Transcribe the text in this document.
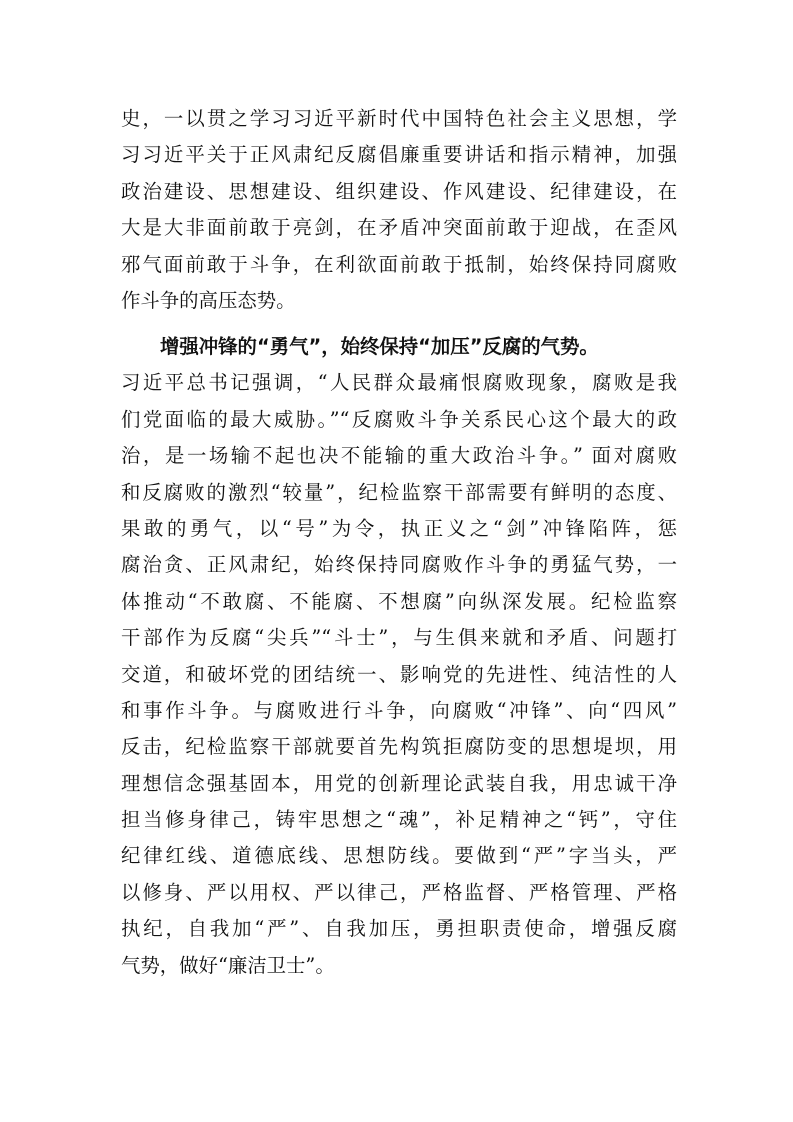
史，一以贯之学习习近平新时代中国特色社会主义思想，学
习习近平关于正风肃纪反腐倡廉重要讲话和指示精神，加强
政治建设、思想建设、组织建设、作风建设、纪律建设，在
大是大非面前敢于亮剑，在矛盾冲突面前敢于迎战，在歪风
邪气面前敢于斗争，在利欲面前敢于抵制，始终保持同腐败
作斗争的高压态势。
增强冲锋的“勇气”，始终保持“加压”反腐的气势。
习近平总书记强调，“人民群众最痛恨腐败现象，腐败是我
们党面临的最大威胁。”“反腐败斗争关系民心这个最大的政
治，是一场输不起也决不能输的重大政治斗争。” 面对腐败
和反腐败的激烈“较量”，纪检监察干部需要有鲜明的态度、
果敢的勇气，以“号”为令，执正义之“剑”冲锋陷阵，惩
腐治贪、正风肃纪，始终保持同腐败作斗争的勇猛气势，一
体推动“不敢腐、不能腐、不想腐”向纵深发展。纪检监察
干部作为反腐“尖兵”“斗士”，与生俱来就和矛盾、问题打
交道，和破坏党的团结统一、影响党的先进性、纯洁性的人
和事作斗争。与腐败进行斗争，向腐败“冲锋”、向“四风”
反击，纪检监察干部就要首先构筑拒腐防变的思想堤坝，用
理想信念强基固本，用党的创新理论武装自我，用忠诚干净
担当修身律己，铸牢思想之“魂”，补足精神之“钙”，守住
纪律红线、道德底线、思想防线。要做到“严”字当头，严
以修身、严以用权、严以律己，严格监督、严格管理、严格
执纪，自我加“严”、自我加压，勇担职责使命，增强反腐
气势，做好“廉洁卫士”。
